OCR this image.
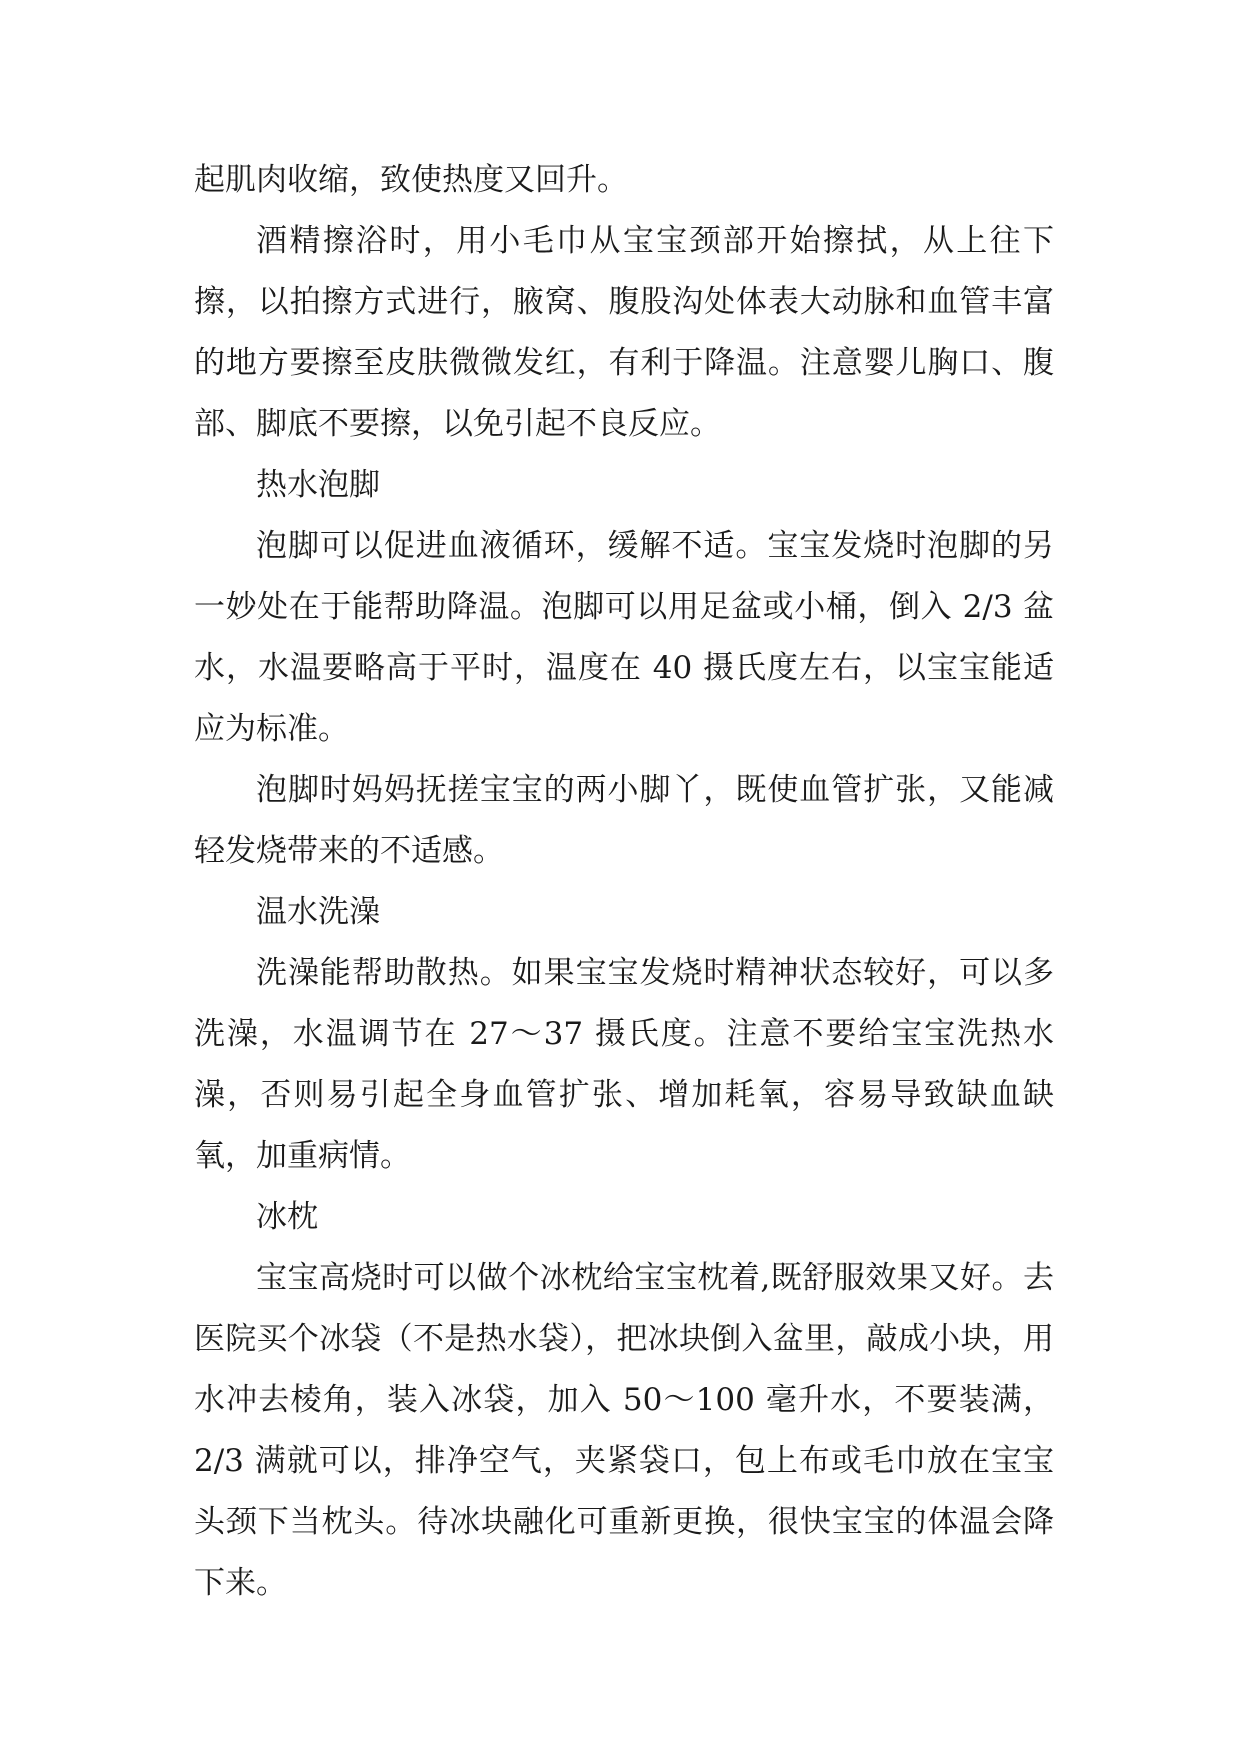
起肌肉收缩，致使热度又回升。

酒精擦浴时，用小毛巾从宝宝颈部开始擦拭，从上往下擦，以拍擦方式进行，腋窝、腹股沟处体表大动脉和血管丰富的地方要擦至皮肤微微发红，有利于降温。注意婴儿胸口、腹部、脚底不要擦，以免引起不良反应。

热水泡脚

泡脚可以促进血液循环，缓解不适。宝宝发烧时泡脚的另一妙处在于能帮助降温。泡脚可以用足盆或小桶，倒入 2/3 盆水，水温要略高于平时，温度在 40 摄氏度左右，以宝宝能适应为标准。

泡脚时妈妈抚搓宝宝的两小脚丫，既使血管扩张，又能减轻发烧带来的不适感。

温水洗澡

洗澡能帮助散热。如果宝宝发烧时精神状态较好，可以多洗澡，水温调节在 27～37 摄氏度。注意不要给宝宝洗热水澡，否则易引起全身血管扩张、增加耗氧，容易导致缺血缺氧，加重病情。

冰枕

宝宝高烧时可以做个冰枕给宝宝枕着,既舒服效果又好。去医院买个冰袋（不是热水袋），把冰块倒入盆里，敲成小块，用水冲去棱角，装入冰袋，加入 50～100 毫升水，不要装满，2/3 满就可以，排净空气，夹紧袋口，包上布或毛巾放在宝宝头颈下当枕头。待冰块融化可重新更换，很快宝宝的体温会降下来。
